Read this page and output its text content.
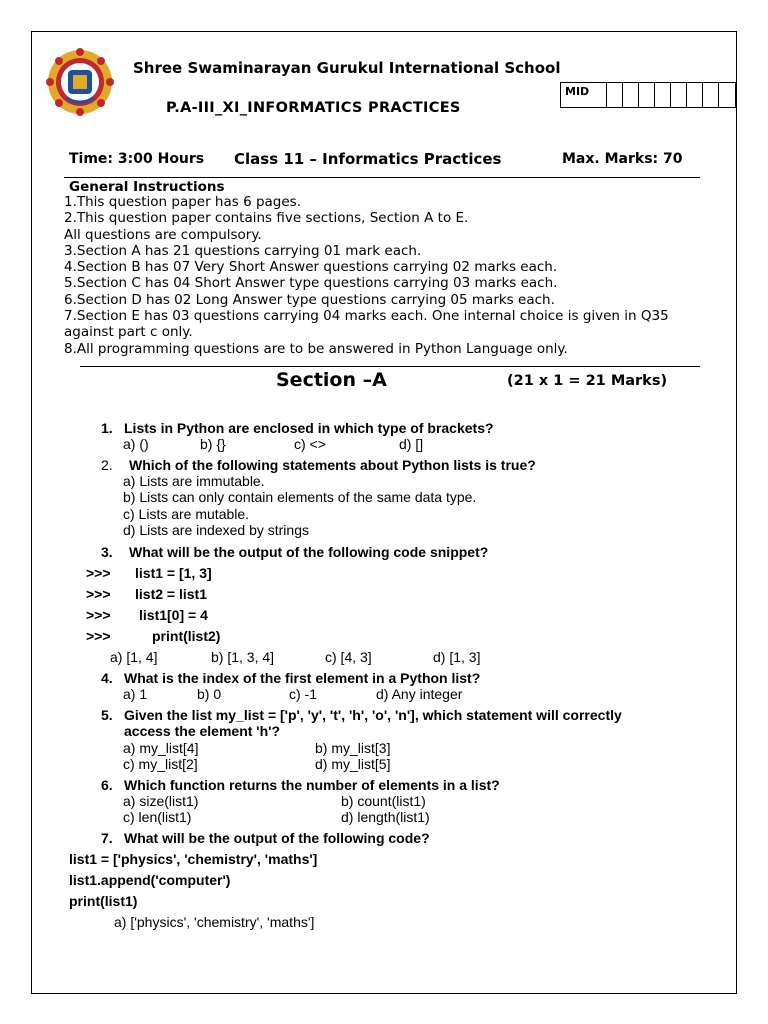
Shree Swaminarayan Gurukul International School
P.A-III_XI_INFORMATICS PRACTICES
MID
Time: 3:00 Hours Class 11 – Informatics Practices	Max. Marks: 70
General Instructions
1.This question paper has 6 pages.
2.This question paper contains five sections, Section A to E.
All questions are compulsory.
3.Section A has 21 questions carrying 01 mark each.
4.Section B has 07 Very Short Answer questions carrying 02 marks each.
5.Section C has 04 Short Answer type questions carrying 03 marks each.
6.Section D has 02 Long Answer type questions carrying 05 marks each.
7.Section E has 03 questions carrying 04 marks each. One internal choice is given in Q35 against part c only.
8.All programming questions are to be answered in Python Language only.
Section –A	(21 x 1 = 21 Marks)
1. Lists in Python are enclosed in which type of brackets?
a) ()	b) {}	c) <>	d) []
2. Which of the following statements about Python lists is true?
a) Lists are immutable.
b) Lists can only contain elements of the same data type.
c) Lists are mutable.
d) Lists are indexed by strings
3. What will be the output of the following code snippet?
>>> list1 = [1, 3]
>>> list2 = list1
>>> list1[0] = 4
>>>	print(list2)
a) [1, 4]	b) [1, 3, 4]	c) [4, 3]	d) [1, 3]
4. What is the index of the first element in a Python list?
a) 1	b) 0	c) -1	d) Any integer
5. Given the list my_list = ['p', 'y', 't', 'h', 'o', 'n'], which statement will correctly
access the element 'h'?
a) my_list[4]	b) my_list[3]
c) my_list[2]	d) my_list[5]
6. Which function returns the number of elements in a list?
a) size(list1)	b) count(list1)
c) len(list1)	d) length(list1)
7. What will be the output of the following code?
list1 = ['physics', 'chemistry', 'maths']
list1.append('computer')
print(list1)
a) ['physics', 'chemistry', 'maths']
